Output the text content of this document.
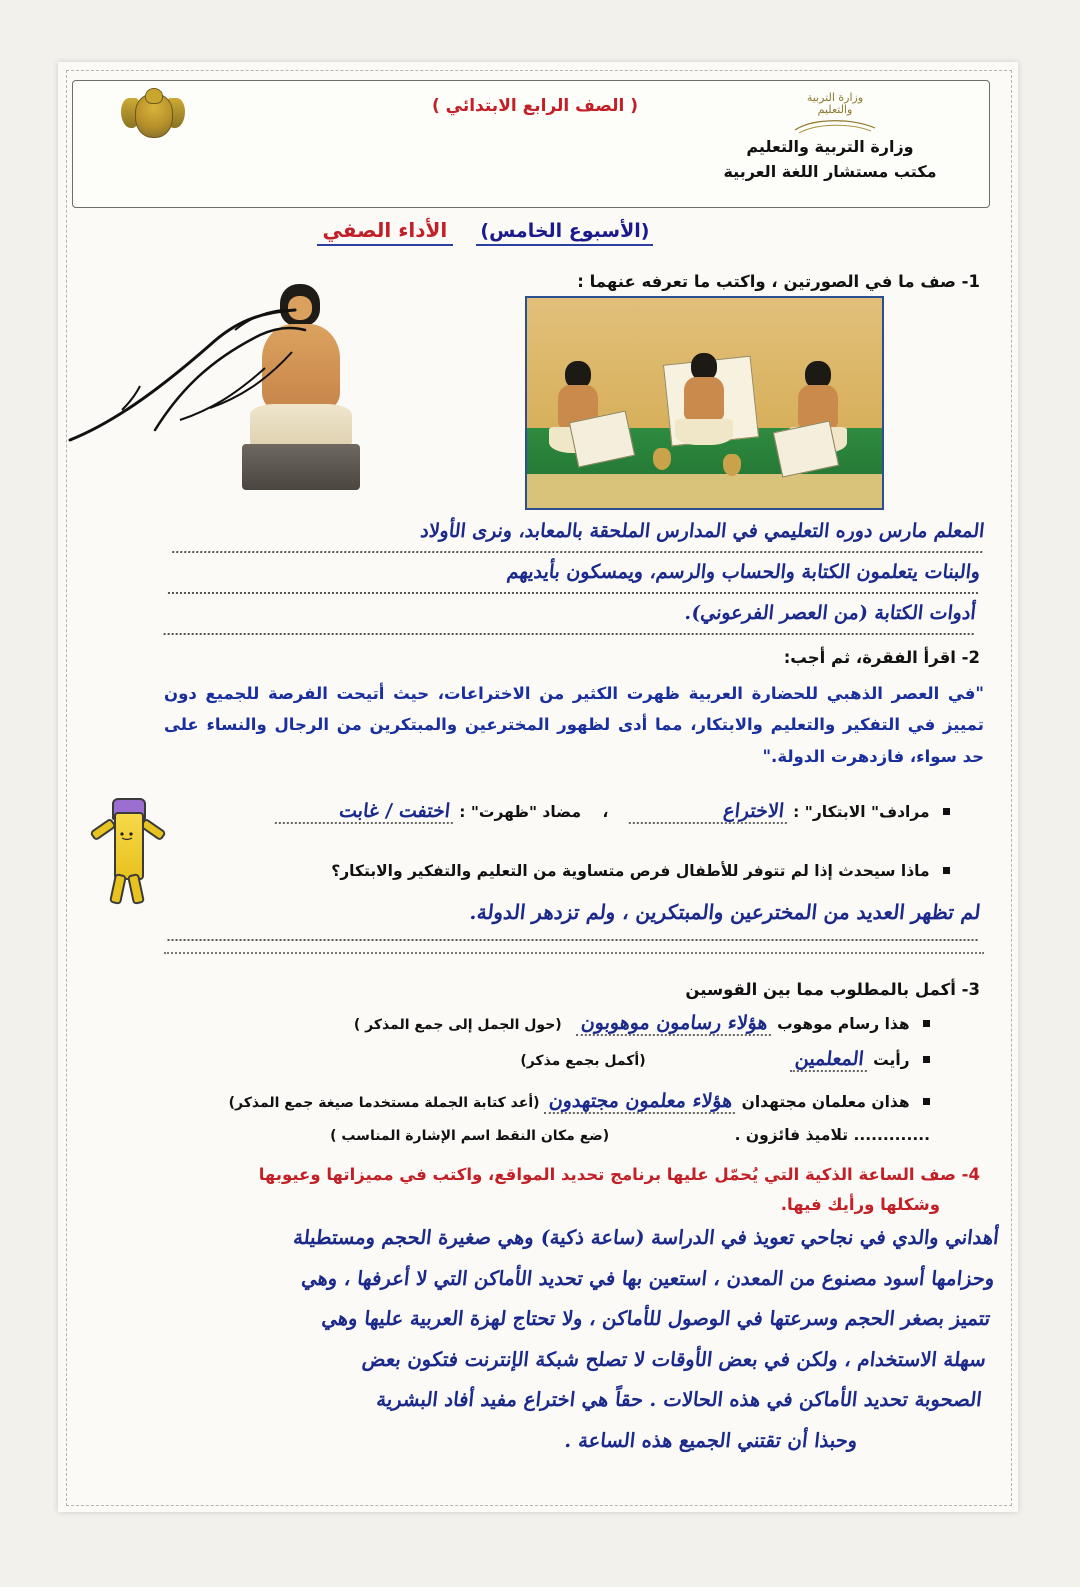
وزارة التربية والتعليم
( الصف الرابع الابتدائي )
وزارة التربية والتعليم
مكتب مستشار اللغة العربية
(الأسبوع الخامس) الأداء الصفي
1- صف ما في الصورتين ، واكتب ما تعرفه عنهما :
المعلم مارس دوره التعليمي في المدارس الملحقة بالمعابد، ونرى الأولاد
والبنات يتعلمون الكتابة والحساب والرسم، ويمسكون بأيديهم
أدوات الكتابة (من العصر الفرعوني).
2- اقرأ الفقرة، ثم أجب:
"في العصر الذهبي للحضارة العربية ظهرت الكثير من الاختراعات، حيث أتيحت الفرصة للجميع دون تمييز في التفكير والتعليم والابتكار، مما أدى لظهور المخترعين والمبتكرين من الرجال والنساء على حد سواء، فازدهرت الدولة."
مرادف" الابتكار" : الاختراع ، مضاد "ظهرت" : اختفت / غابت
ماذا سيحدث إذا لم تتوفر للأطفال فرص متساوية من التعليم والتفكير والابتكار؟
لم تظهر العديد من المخترعين والمبتكرين ، ولم تزدهر الدولة.
3- أكمل بالمطلوب مما بين القوسين
هذا رسام موهوب هؤلاء رسامون موهوبون (حول الجمل إلى جمع المذكر )
رأيت المعلمين (أكمل بجمع مذكر)
هذان معلمان مجتهدان هؤلاء معلمون مجتهدون (أعد كتابة الجملة مستخدما صيغة جمع المذكر)
............. تلاميذ فائزون . (ضع مكان النقط اسم الإشارة المناسب )
4- صف الساعة الذكية التي يُحمّل عليها برنامج تحديد المواقع، واكتب في مميزاتها وعيوبها
وشكلها ورأيك فيها.
أهداني والدي في نجاحي تعويذ في الدراسة (ساعة ذكية) وهي صغيرة الحجم ومستطيلة
وحزامها أسود مصنوع من المعدن ، استعين بها في تحديد الأماكن التي لا أعرفها ، وهي
تتميز بصغر الحجم وسرعتها في الوصول للأماكن ، ولا تحتاج لهزة العربية عليها وهي
سهلة الاستخدام ، ولكن في بعض الأوقات لا تصلح شبكة الإنترنت فتكون بعض
الصحوبة تحديد الأماكن في هذه الحالات . حقاً هي اختراع مفيد أفاد البشرية
وحبذا أن تقتني الجميع هذه الساعة .
